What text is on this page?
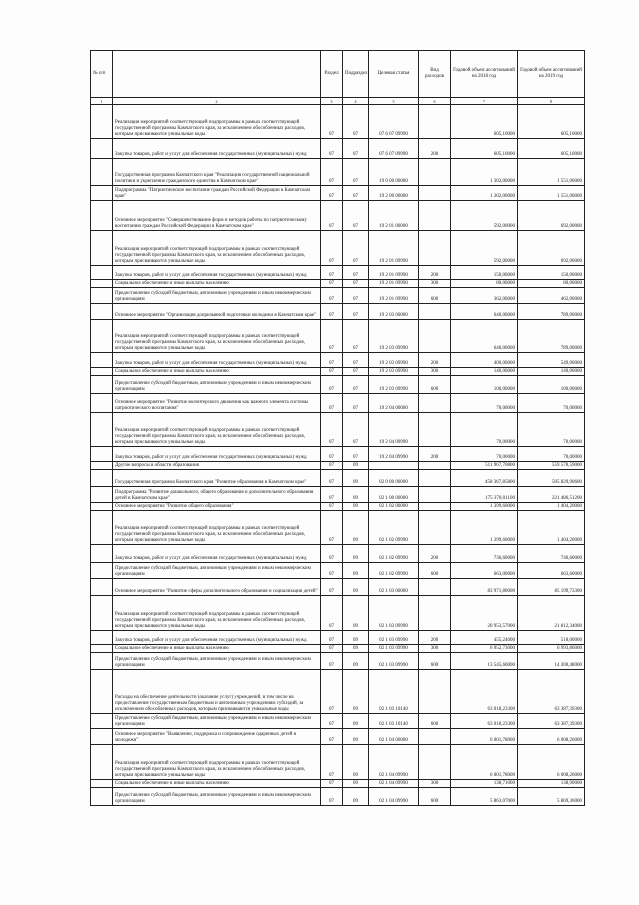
№ п/п		Раздел	Подраздел	Целевая статья	Вид расходов	Годовой объем ассигнований на 2018 год	Годовой объем ассигнований на 2019 год
1	2	3	4	5	6	7	8
	Реализация мероприятий соответствующей подпрограммы в рамках соответствующей государственной программы Камчатского края, за исключением обособленных расходов, которым присваиваются уникальные коды	07	07	07 6 07 09990		605,10000	605,10000
	Закупка товаров, работ и услуг для обеспечения государственных (муниципальных) нужд	07	07	07 6 07 09990	200	605,10000	605,10000
	Государственная программа Камчатского края "Реализация государственной национальной политики и укрепление гражданского единства в Камчатском крае"	07	07	19 0 00 00000		1 302,00000	1 551,00000
	Подпрограмма "Патриотическое воспитание граждан Российской Федерации в Камчатском крае"	07	07	19 2 00 00000		1 302,00000	1 551,00000
	Основное мероприятие "Совершенствование форм и методов работы по патриотическому воспитанию граждан Российской Федерации в Камчатском крае"	07	07	19 2 01 00000		592,00000	692,00000
	Реализация мероприятий соответствующей подпрограммы в рамках соответствующей государственной программы Камчатского края, за исключением обособленных расходов, которым присваиваются уникальные коды	07	07	19 2 01 09990		592,00000	692,00000
	Закупка товаров, работ и услуг для обеспечения государственных (муниципальных) нужд	07	07	19 2 01 09990	200	150,00000	150,00000
	Социальное обеспечение и иные выплаты населению	07	07	19 2 01 09990	300	80,00000	80,00000
	Предоставление субсидий бюджетным, автономным учреждениям и иным некоммерческим организациям	07	07	19 2 01 09990	600	362,00000	462,00000
	Основное мероприятие "Организация допризывной подготовки молодежи в Камчатском крае"	07	07	19 2 03 00000		640,00000	789,00000
	Реализация мероприятий соответствующей подпрограммы в рамках соответствующей государственной программы Камчатского края, за исключением обособленных расходов, которым присваиваются уникальные коды	07	07	19 2 03 09990		640,00000	789,00000
	Закупка товаров, работ и услуг для обеспечения государственных (муниципальных) нужд	07	07	19 2 03 09990	200	400,00000	549,00000
	Социальное обеспечение и иные выплаты населению	07	07	19 2 03 09990	300	140,00000	140,00000
	Предоставление субсидий бюджетным, автономным учреждениям и иным некоммерческим организациям	07	07	19 2 03 09990	600	100,00000	100,00000
	Основное мероприятие "Развитие волонтерского движения как важного элемента системы патриотического воспитания"	07	07	19 2 04 00000		70,00000	70,00000
	Реализация мероприятий соответствующей подпрограммы в рамках соответствующей государственной программы Камчатского края, за исключением обособленных расходов, которым присваиваются уникальные коды	07	07	19 2 04 09990		70,00000	70,00000
	Закупка товаров, работ и услуг для обеспечения государственных (муниципальных) нужд	07	07	19 2 04 09990	200	70,00000	70,00000
	Другие вопросы в области образования	07	09			511 967,70800	559 578,59000
	Государственная программа Камчатского края "Развитие образования в Камчатском крае"	07	09	02 0 00 00000		458 367,85800	505 829,90600
	Подпрограмма "Развитие дошкольного, общего образования и дополнительного образования детей в Камчатском крае"	07	09	02 1 00 00000		175 370,01100	221 486,51200
	Основное мероприятие "Развитие общего образования"	07	09	02 1 02 00000		1 399,60000	1 404,20000
	Реализация мероприятий соответствующей подпрограммы в рамках соответствующей государственной программы Камчатского края, за исключением обособленных расходов, которым присваиваются уникальные коды	07	09	02 1 02 09990		1 399,60000	1 404,20000
	Закупка товаров, работ и услуг для обеспечения государственных (муниципальных) нужд	07	09	02 1 02 09990	200	736,60000	740,60000
	Предоставление субсидий бюджетным, автономным учреждениям и иным некоммерческим организациям	07	09	02 1 02 09990	600	663,00000	663,60000
	Основное мероприятие "Развитие сферы дополнительного образования и социализации детей"	07	09	02 1 03 00000		83 971,80000	85 199,73300
	Реализация мероприятий соответствующей подпрограммы в рамках соответствующей государственной программы Камчатского края, за исключением обособленных расходов, которым присваиваются уникальные коды	07	09	02 1 03 09990		20 953,57000	21 812,34000
	Закупка товаров, работ и услуг для обеспечения государственных (муниципальных) нужд	07	09	02 1 03 09990	200	455,24000	518,00000
	Социальное обеспечение и иные выплаты населению	07	09	02 1 03 09990	300	6 952,73000	6 993,86000
	Предоставление субсидий бюджетным, автономным учреждениям и иным некоммерческим организациям	07	09	02 1 03 09990	600	13 545,60000	14 300,48000
	Расходы на обеспечение деятельности (оказание услуг) учреждений, в том числе на предоставление государственным бюджетным и автономным учреждениям субсидий, за исключением обособленных расходов, которым присваиваются уникальные коды	07	09	02 1 03 10140		63 018,23300	63 387,39300
	Предоставление субсидий бюджетным, автономным учреждениям и иным некоммерческим организациям	07	09	02 1 03 10140	600	63 018,23300	63 387,39300
	Основное мероприятие "Выявление, поддержка и сопровождение одаренных детей и молодежи"	07	09	02 1 04 00000		6 001,78000	6 008,26000
	Реализация мероприятий соответствующей подпрограммы в рамках соответствующей государственной программы Камчатского края, за исключением обособленных расходов, которым присваиваются уникальные коды	07	09	02 1 04 09990		6 001,78000	6 008,26000
	Социальное обеспечение и иные выплаты населению	07	09	02 1 04 09990	300	138,71000	138,90000
	Предоставление субсидий бюджетным, автономным учреждениям и иным некоммерческим организациям	07	09	02 1 04 09990	600	5 863,07000	5 869,36000
